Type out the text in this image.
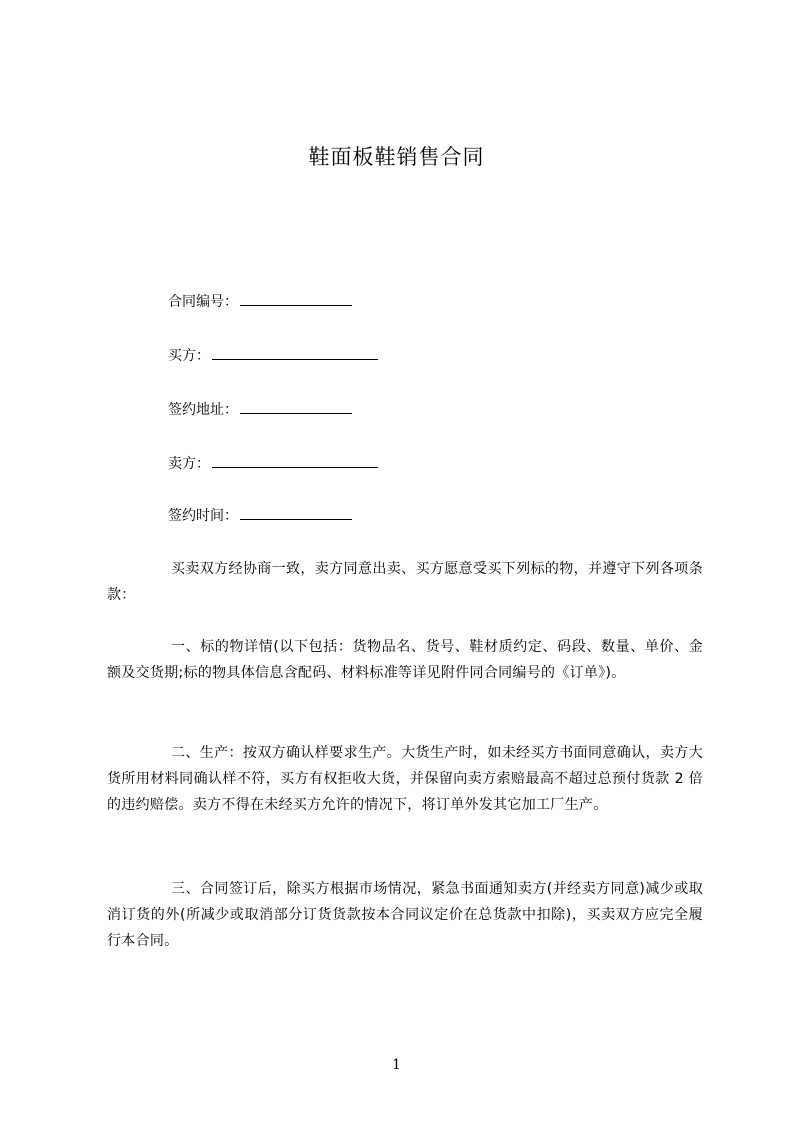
鞋面板鞋销售合同
合同编号：
买方：
签约地址：
卖方：
签约时间：

买卖双方经协商一致，卖方同意出卖、买方愿意受买下列标的物，并遵守下列各项条款：

一、标的物详情(以下包括：货物品名、货号、鞋材质约定、码段、数量、单价、金额及交货期;标的物具体信息含配码、材料标准等详见附件同合同编号的《订单》)。

二、生产：按双方确认样要求生产。大货生产时，如未经买方书面同意确认，卖方大货所用材料同确认样不符，买方有权拒收大货，并保留向卖方索赔最高不超过总预付货款 2 倍的违约赔偿。卖方不得在未经买方允许的情况下，将订单外发其它加工厂生产。

三、合同签订后，除买方根据市场情况，紧急书面通知卖方(并经卖方同意)减少或取消订货的外(所减少或取消部分订货货款按本合同议定价在总货款中扣除)，买卖双方应完全履行本合同。

1
